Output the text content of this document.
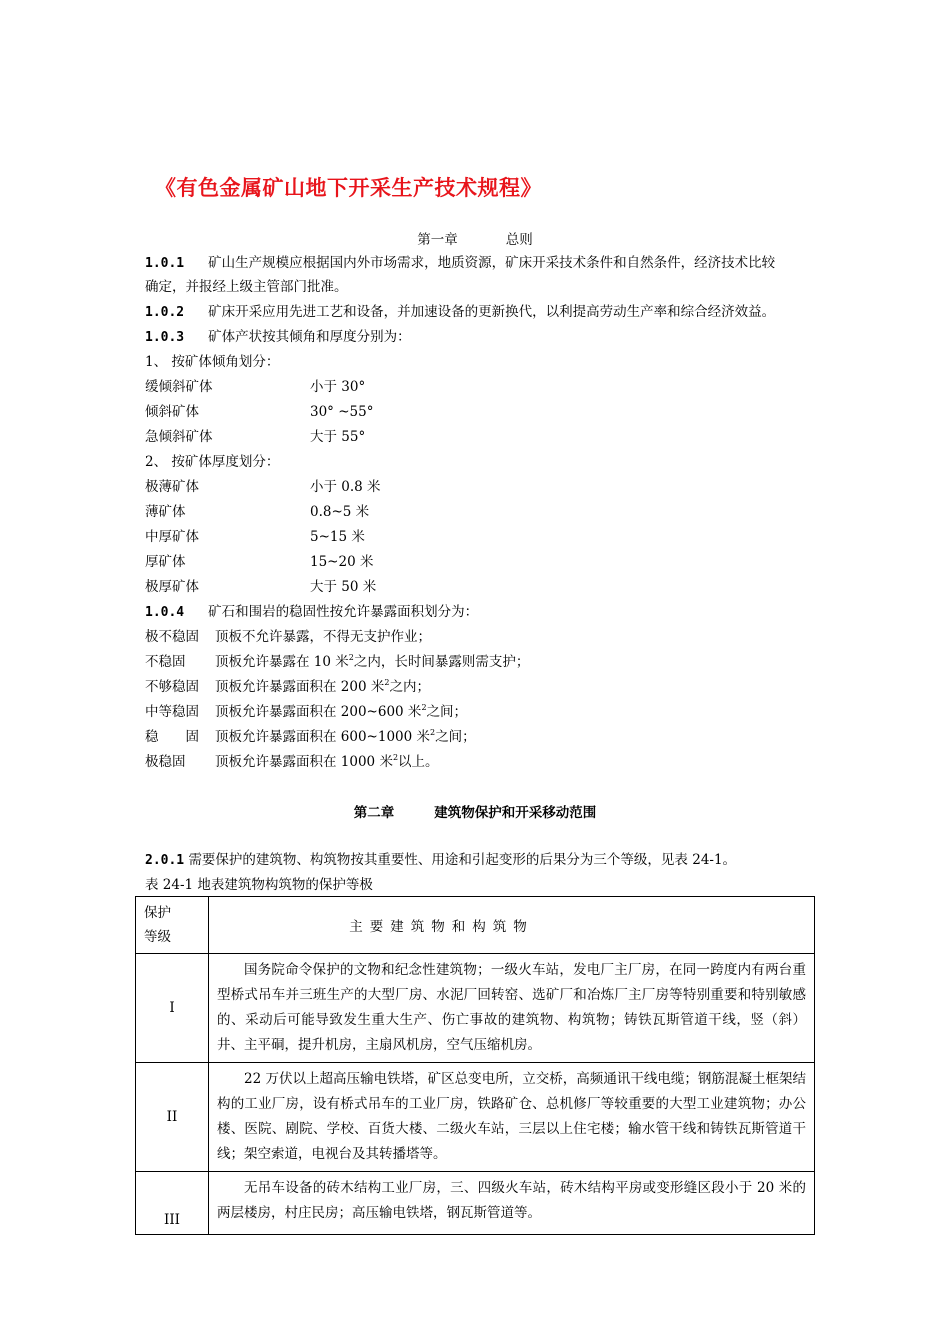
《有色金属矿山地下开采生产技术规程》
第一章	总则
1.0.1 矿山生产规模应根据国内外市场需求，地质资源，矿床开采技术条件和自然条件，经济技术比较
确定，并报经上级主管部门批准。
1.0.2 矿床开采应用先进工艺和设备，并加速设备的更新换代，以利提高劳动生产率和综合经济效益。
1.0.3 矿体产状按其倾角和厚度分别为：
1、 按矿体倾角划分：
缓倾斜矿体	小于 30°
倾斜矿体	30° ~55°
急倾斜矿体	大于 55°
2、 按矿体厚度划分：
极薄矿体	小于 0.8 米
薄矿体	0.8~5 米
中厚矿体	5~15 米
厚矿体	15~20 米
极厚矿体	大于 50 米
1.0.4 矿石和围岩的稳固性按允许暴露面积划分为：
极不稳固 顶板不允许暴露，不得无支护作业；
不稳固 顶板允许暴露在 10 米$^2$之内，长时间暴露则需支护；
不够稳固 顶板允许暴露面积在 200 米$^2$之内；
中等稳固 顶板允许暴露面积在 200~600 米$^2$之间；
稳　　固 顶板允许暴露面积在 600~1000 米$^2$之间；
极稳固 顶板允许暴露面积在 1000 米$^2$以上。
第二章	建筑物保护和开采移动范围
2.0.1 需要保护的建筑物、构筑物按其重要性、用途和引起变形的后果分为三个等级，见表 24-1。
表 24-1 地表建筑物构筑物的保护等极
保护
等级	主要建筑物和构筑物
I	国务院命令保护的文物和纪念性建筑物；一级火车站，发电厂主厂房，在同一跨度内有两台重型桥式吊车并三班生产的大型厂房、水泥厂回转窑、选矿厂和冶炼厂主厂房等特别重要和特别敏感的、采动后可能导致发生重大生产、伤亡事故的建筑物、构筑物；铸铁瓦斯管道干线，竖（斜）井、主平硐，提升机房，主扇风机房，空气压缩机房。
II	22 万伏以上超高压输电铁塔，矿区总变电所，立交桥，高频通讯干线电缆；钢筋混凝土框架结构的工业厂房，设有桥式吊车的工业厂房，铁路矿仓、总机修厂等较重要的大型工业建筑物；办公楼、医院、剧院、学校、百货大楼、二级火车站，三层以上住宅楼；输水管干线和铸铁瓦斯管道干线；架空索道，电视台及其转播塔等。
III	无吊车设备的砖木结构工业厂房，三、四级火车站，砖木结构平房或变形缝区段小于 20 米的两层楼房，村庄民房；高压输电铁塔，钢瓦斯管道等。
